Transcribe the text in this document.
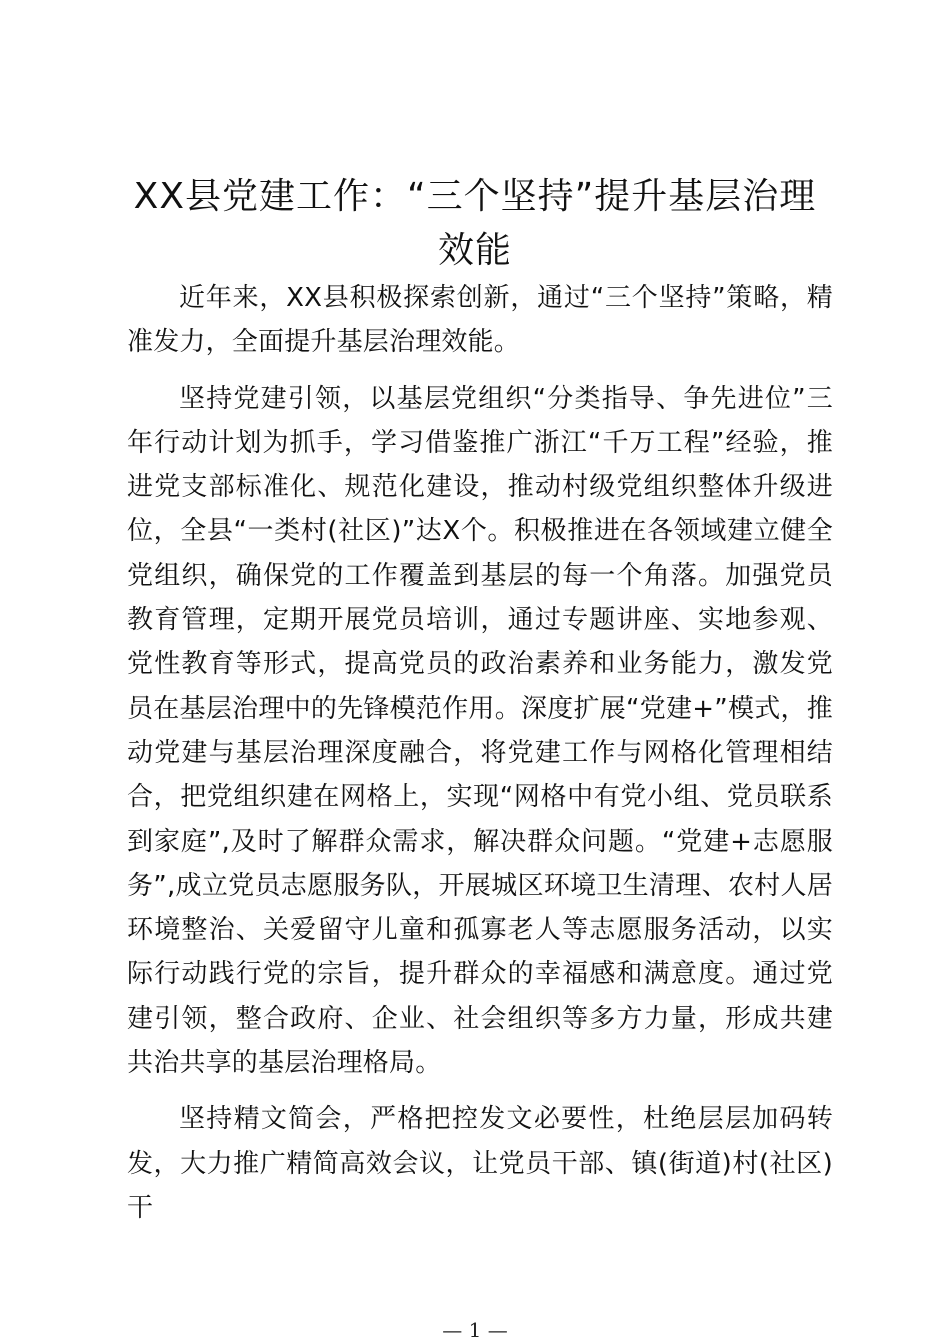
XX县党建工作：“三个坚持”提升基层治理效能

近年来，XX县积极探索创新，通过“三个坚持”策略，精准发力，全面提升基层治理效能。

坚持党建引领，以基层党组织“分类指导、争先进位”三年行动计划为抓手，学习借鉴推广浙江“千万工程”经验，推进党支部标准化、规范化建设，推动村级党组织整体升级进位，全县“一类村(社区)”达X个。积极推进在各领域建立健全党组织，确保党的工作覆盖到基层的每一个角落。加强党员教育管理，定期开展党员培训，通过专题讲座、实地参观、党性教育等形式，提高党员的政治素养和业务能力，激发党员在基层治理中的先锋模范作用。深度扩展“党建+”模式，推动党建与基层治理深度融合，将党建工作与网格化管理相结合，把党组织建在网格上，实现“网格中有党小组、党员联系到家庭”,及时了解群众需求，解决群众问题。“党建+志愿服务”,成立党员志愿服务队，开展城区环境卫生清理、农村人居环境整治、关爱留守儿童和孤寡老人等志愿服务活动，以实际行动践行党的宗旨，提升群众的幸福感和满意度。通过党建引领，整合政府、企业、社会组织等多方力量，形成共建共治共享的基层治理格局。

坚持精文简会，严格把控发文必要性，杜绝层层加码转发，大力推广精简高效会议，让党员干部、镇(街道)村(社区)干

— 1 —
